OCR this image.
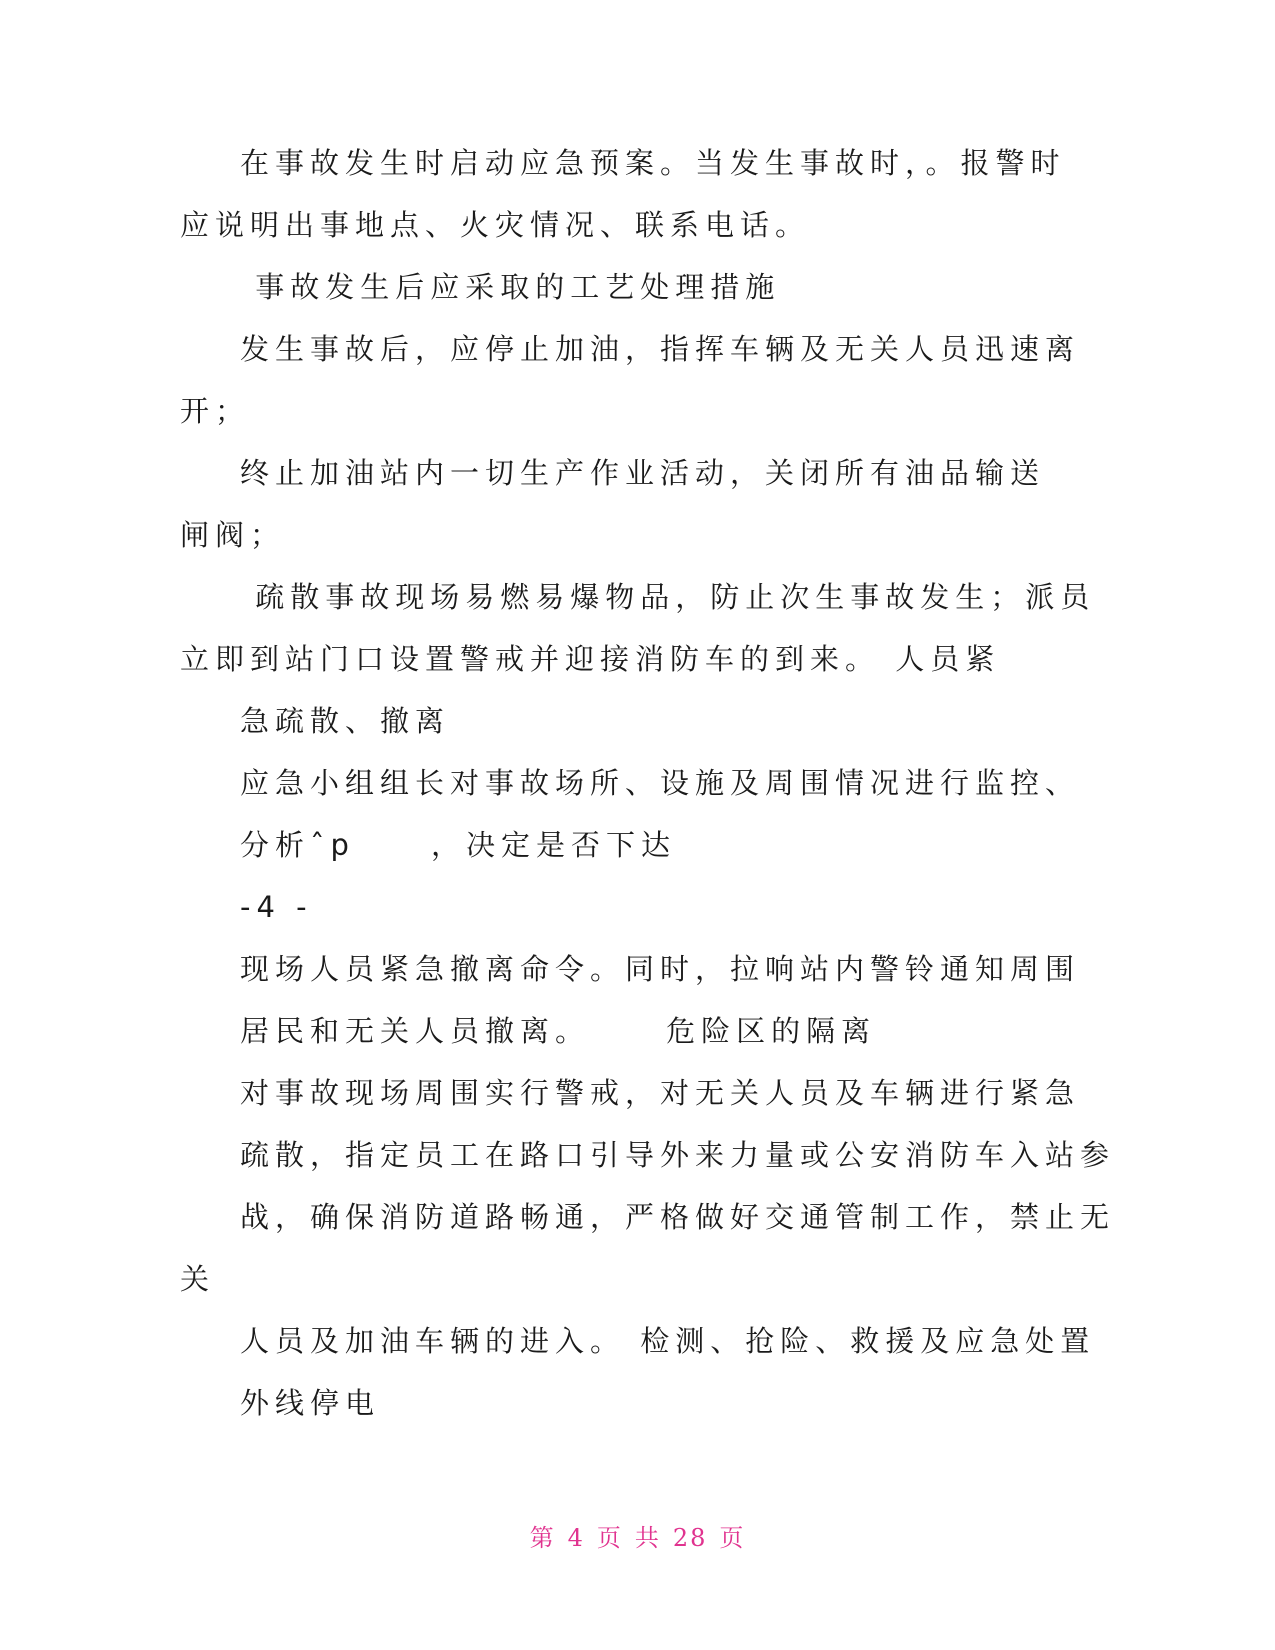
在事故发生时启动应急预案。当发生事故时，。报警时

应说明出事地点、火灾情况、联系电话。

事故发生后应采取的工艺处理措施

发生事故后，应停止加油，指挥车辆及无关人员迅速离

开；

终止加油站内一切生产作业活动，关闭所有油品输送

闸阀；

疏散事故现场易燃易爆物品，防止次生事故发生；派员

立即到站门口设置警戒并迎接消防车的到来。 人员紧

急疏散、撤离

应急小组组长对事故场所、设施及周围情况进行监控、

分析ˆp     ，决定是否下达

-4 -

现场人员紧急撤离命令。同时，拉响站内警铃通知周围

居民和无关人员撤离。     危险区的隔离

对事故现场周围实行警戒，对无关人员及车辆进行紧急

疏散，指定员工在路口引导外来力量或公安消防车入站参

战，确保消防道路畅通，严格做好交通管制工作，禁止无

关

人员及加油车辆的进入。 检测、抢险、救援及应急处置

外线停电

第 4 页 共 28 页
